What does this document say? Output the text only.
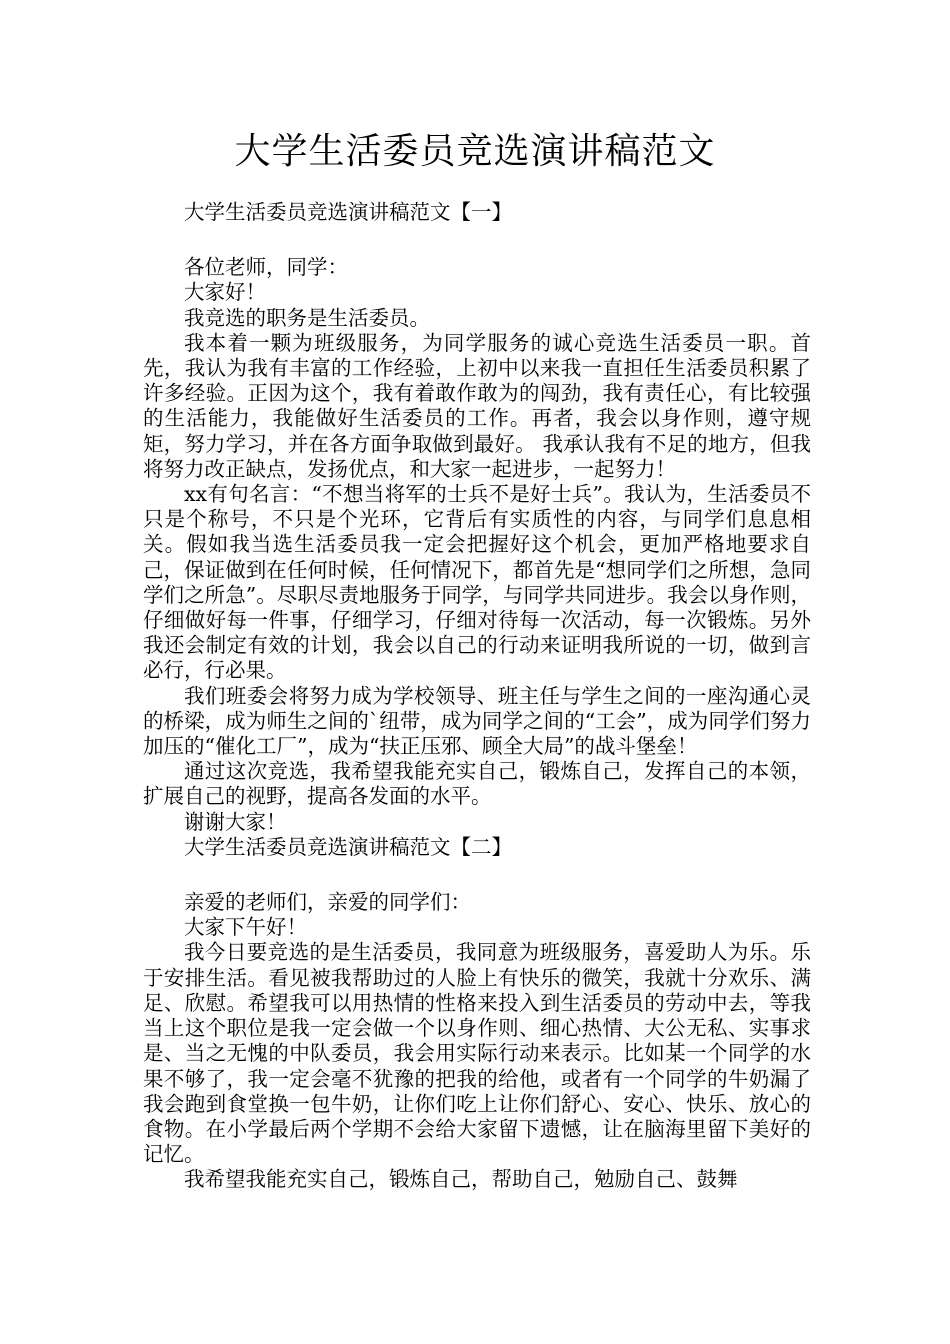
大学生活委员竞选演讲稿范文

大学生活委员竞选演讲稿范文【一】

各位老师，同学：

大家好！

我竞选的职务是生活委员。

我本着一颗为班级服务，为同学服务的诚心竞选生活委员一职。首先，我认为我有丰富的工作经验，上初中以来我一直担任生活委员积累了许多经验。正因为这个，我有着敢作敢为的闯劲，我有责任心，有比较强的生活能力，我能做好生活委员的工作。再者，我会以身作则，遵守规矩，努力学习，并在各方面争取做到最好。 我承认我有不足的地方，但我将努力改正缺点，发扬优点，和大家一起进步，一起努力！

xx有句名言：“不想当将军的士兵不是好士兵”。我认为，生活委员不只是个称号，不只是个光环，它背后有实质性的内容，与同学们息息相关。假如我当选生活委员我一定会把握好这个机会，更加严格地要求自己，保证做到在任何时候，任何情况下，都首先是“想同学们之所想，急同学们之所急”。尽职尽责地服务于同学，与同学共同进步。我会以身作则，仔细做好每一件事，仔细学习，仔细对待每一次活动，每一次锻炼。另外我还会制定有效的计划，我会以自己的行动来证明我所说的一切，做到言必行，行必果。

我们班委会将努力成为学校领导、班主任与学生之间的一座沟通心灵的桥梁，成为师生之间的`纽带，成为同学之间的“工会”，成为同学们努力加压的“催化工厂”，成为“扶正压邪、顾全大局”的战斗堡垒！

通过这次竞选，我希望我能充实自己，锻炼自己，发挥自己的本领，扩展自己的视野，提高各发面的水平。

谢谢大家！

大学生活委员竞选演讲稿范文【二】

亲爱的老师们，亲爱的同学们：

大家下午好！

我今日要竞选的是生活委员，我同意为班级服务，喜爱助人为乐。乐于安排生活。看见被我帮助过的人脸上有快乐的微笑，我就十分欢乐、满足、欣慰。希望我可以用热情的性格来投入到生活委员的劳动中去，等我当上这个职位是我一定会做一个以身作则、细心热情、大公无私、实事求是、当之无愧的中队委员，我会用实际行动来表示。比如某一个同学的水果不够了，我一定会毫不犹豫的把我的给他，或者有一个同学的牛奶漏了我会跑到食堂换一包牛奶，让你们吃上让你们舒心、安心、快乐、放心的食物。在小学最后两个学期不会给大家留下遗憾，让在脑海里留下美好的记忆。

我希望我能充实自己，锻炼自己，帮助自己，勉励自己、鼓舞
